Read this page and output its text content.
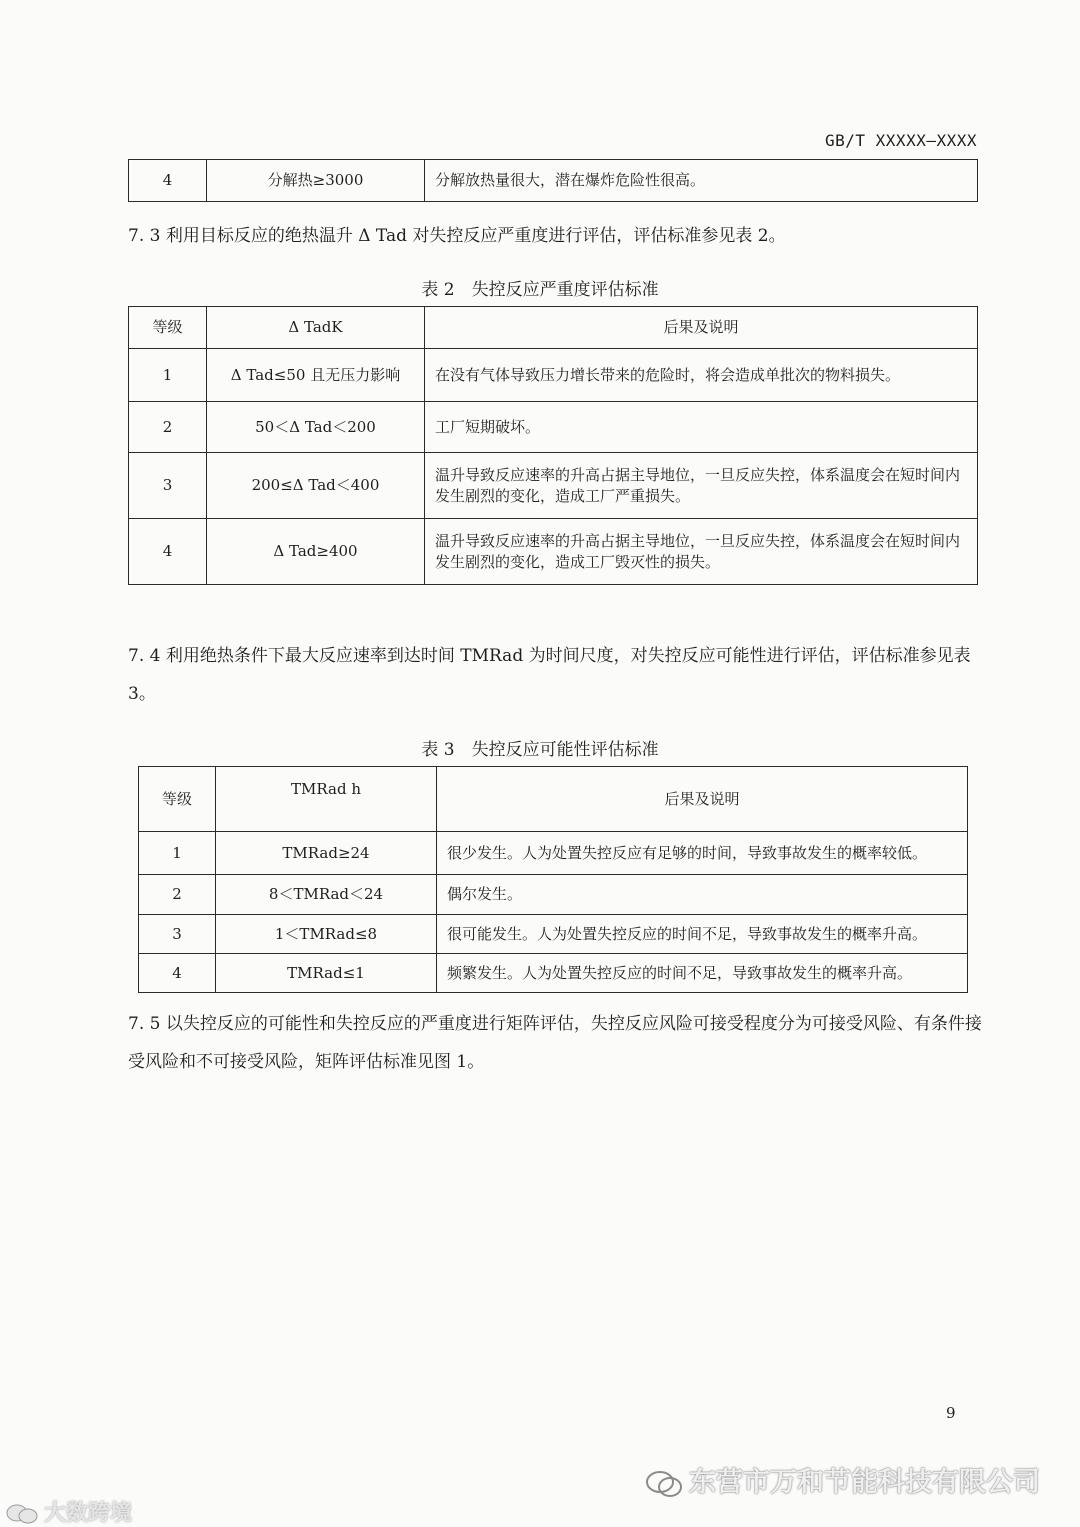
GB/T XXXXX—XXXX
4	分解热≥3000	分解放热量很大，潜在爆炸危险性很高。

7. 3 利用目标反应的绝热温升 Δ Tad 对失控反应严重度进行评估，评估标准参见表 2。

表 2　失控反应严重度评估标准

等级	Δ TadK	后果及说明
1	Δ Tad≤50 且无压力影响	在没有气体导致压力增长带来的危险时，将会造成单批次的物料损失。
2	50＜Δ Tad＜200	工厂短期破坏。
3	200≤Δ Tad＜400	温升导致反应速率的升高占据主导地位，一旦反应失控，体系温度会在短时间内发生剧烈的变化，造成工厂严重损失。
4	Δ Tad≥400	温升导致反应速率的升高占据主导地位，一旦反应失控，体系温度会在短时间内发生剧烈的变化，造成工厂毁灭性的损失。

7. 4 利用绝热条件下最大反应速率到达时间 TMRad 为时间尺度，对失控反应可能性进行评估，评估标准参见表 3。

表 3　失控反应可能性评估标准

等级	TMRad h	后果及说明
1	TMRad≥24	很少发生。人为处置失控反应有足够的时间，导致事故发生的概率较低。
2	8＜TMRad＜24	偶尔发生。
3	1＜TMRad≤8	很可能发生。人为处置失控反应的时间不足，导致事故发生的概率升高。
4	TMRad≤1	频繁发生。人为处置失控反应的时间不足，导致事故发生的概率升高。

7. 5 以失控反应的可能性和失控反应的严重度进行矩阵评估，失控反应风险可接受程度分为可接受风险、有条件接受风险和不可接受风险，矩阵评估标准见图 1。

9
大数跨境
东营市万和节能科技有限公司
